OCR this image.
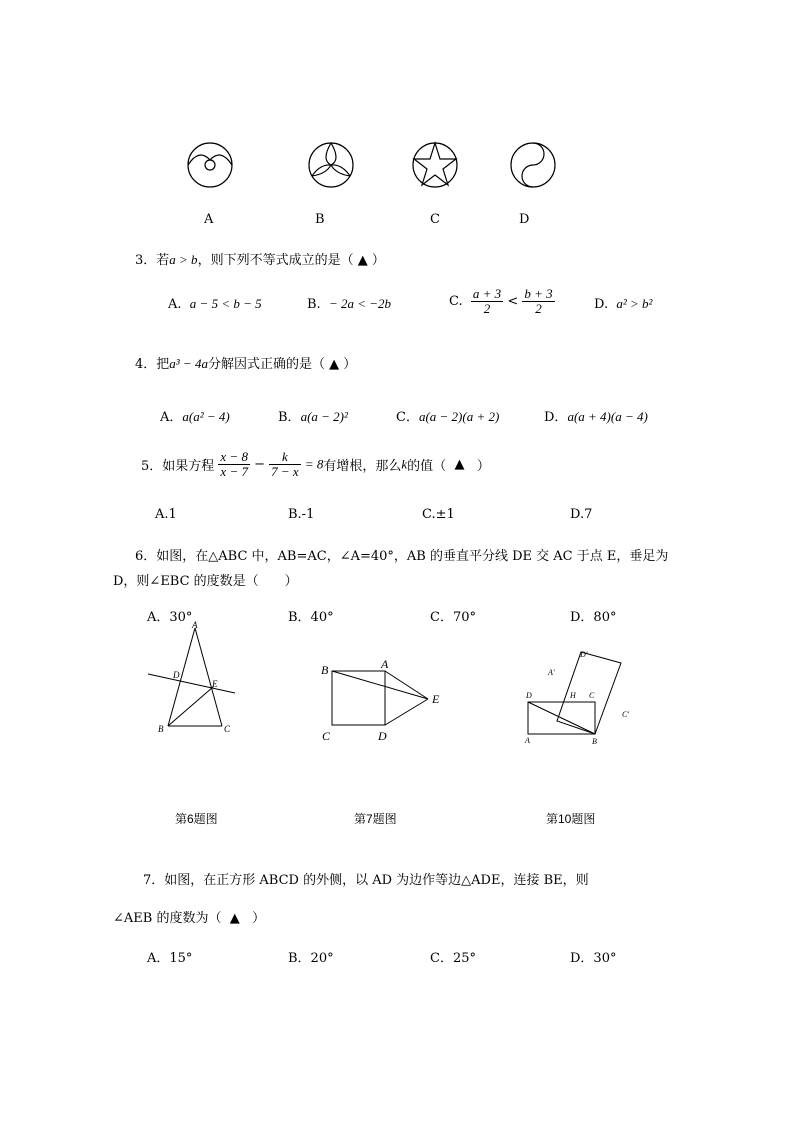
A	B	C	D
3．若a > b，则下列不等式成立的是（ ▲ ）
A. a − 5 < b − 5	B. − 2a < −2b	C. $\frac{a + 3}{2} < \frac{b + 3}{2}$	D. a² > b²
4．把a³ − 4a分解因式正确的是（ ▲ ）
A．a(a² − 4)	B．a(a − 2)²	C．a(a − 2)(a + 2)	D．a(a + 4)(a − 4)
5．如果方程 $\frac{x - 8}{x - 7} - \frac{k}{7 - x} = 8$有增根，那么k的值（ ▲ ）
A.1	B.-1	C.±1	D.7
6．如图，在△ABC 中，AB=AC，∠A=40°，AB 的垂直平分线 DE 交 AC 于点 E，垂足为
D，则∠EBC 的度数是（　　）
A．30°	B．40°	C．70°	D．80°
A
D
E
B	C
B	A
E
C	D
D'
A'
D	H C
C'
A	B
第6题图	第7题图	第10题图
7．如图，在正方形 ABCD 的外侧，以 AD 为边作等边△ADE，连接 BE，则
∠AEB 的度数为（ ▲ ）
A．15°	B．20°	C．25°	D．30°
